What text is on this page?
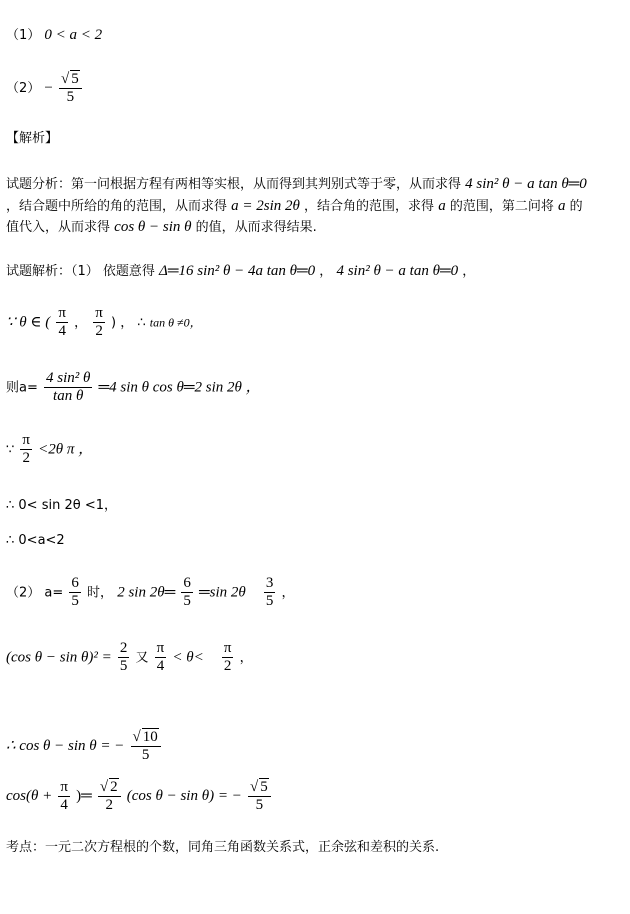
（1） 0 < a < 2
$(2) - \frac{√ 5}{5}$
【解析】
试题分析：第一问根据方程有两相等实根，从而得到其判别式等于零，从而求得 4 sin² θ − a tan θ═0
，结合题中所给的角的范围，从而求得 a = 2sin 2θ ，结合角的范围，求得 a 的范围，第二问将 a 的
值代入，从而求得 cos θ − sin θ 的值，从而求得结果.
试题解析：（1） 依题意得 Δ═16 sin² θ − 4a tan θ═0 ， 4 sin² θ − a tan θ═0 ，
∵ θ ∈ ( $\frac{\pi}{4}$ ， $\frac{\pi}{2}$ ) ， ∴ tan θ ≠0，
则$a= \frac{\text{4 sin² θ}}{\text{tan θ}}$ ═4 sin θ cos θ═2 sin 2θ ，
∵ $\frac{\pi}{2} <2\theta$ π ，
∴ 0< sin 2θ <1，
∴ 0<a<2
（2） $a= \frac{6}{5}$ 时， 2 sin 2θ═ $\frac{6}{5}$ ═sin $2\theta \frac{3}{5}$ ，
(cos $\theta - \sin \theta)^2 = \frac{2}{5}$ 又 $\frac{\pi}{4} < \theta< \frac{\pi}{2}$ ，
∴ cos θ − sin θ = − $\frac{√ 10}{5}$
$\cos(\theta + \frac{\pi}{4}$ )═ $\frac{√ 2}{2} (\cos$ θ − sin θ) = − $\frac{√ 5}{5}$
考点：一元二次方程根的个数，同角三角函数关系式，正余弦和差积的关系.
